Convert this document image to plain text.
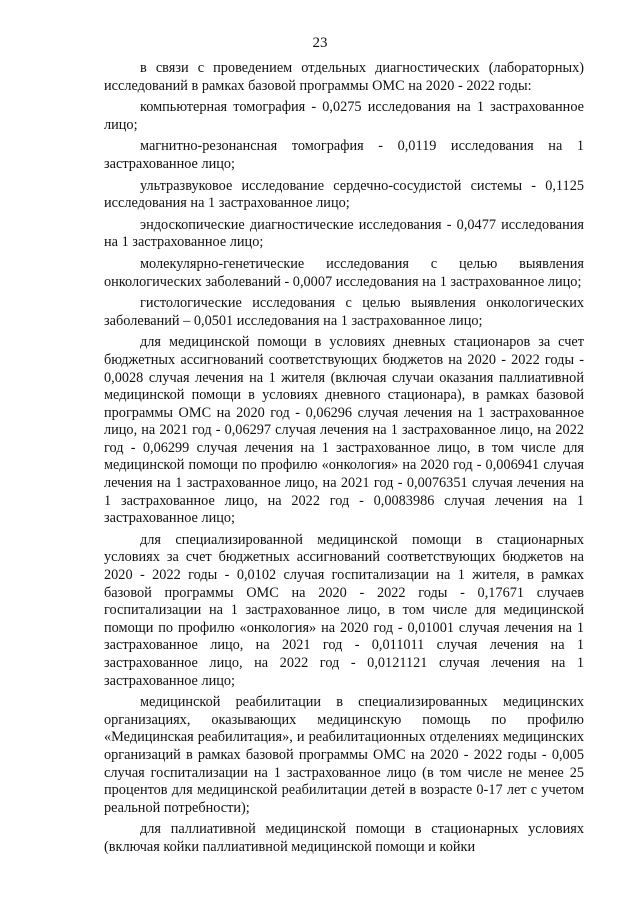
23

в связи с проведением отдельных диагностических (лабораторных) исследований в рамках базовой программы ОМС на 2020 - 2022 годы:

компьютерная томография - 0,0275 исследования на 1 застрахованное лицо;

магнитно-резонансная томография - 0,0119 исследования на 1 застрахованное лицо;

ультразвуковое исследование сердечно-сосудистой системы - 0,1125 исследования на 1 застрахованное лицо;

эндоскопические диагностические исследования - 0,0477 исследования на 1 застрахованное лицо;

молекулярно-генетические исследования с целью выявления онкологических заболеваний - 0,0007 исследования на 1 застрахованное лицо;

гистологические исследования с целью выявления онкологических заболеваний – 0,0501 исследования на 1 застрахованное лицо;

для медицинской помощи в условиях дневных стационаров за счет бюджетных ассигнований соответствующих бюджетов на 2020 - 2022 годы - 0,0028 случая лечения на 1 жителя (включая случаи оказания паллиативной медицинской помощи в условиях дневного стационара), в рамках базовой программы ОМС на 2020 год - 0,06296 случая лечения на 1 застрахованное лицо, на 2021 год - 0,06297 случая лечения на 1 застрахованное лицо, на 2022 год - 0,06299 случая лечения на 1 застрахованное лицо, в том числе для медицинской помощи по профилю «онкология» на 2020 год - 0,006941 случая лечения на 1 застрахованное лицо, на 2021 год - 0,0076351 случая лечения на 1 застрахованное лицо, на 2022 год - 0,0083986 случая лечения на 1 застрахованное лицо;

для специализированной медицинской помощи в стационарных условиях за счет бюджетных ассигнований соответствующих бюджетов на 2020 - 2022 годы - 0,0102 случая госпитализации на 1 жителя, в рамках базовой программы ОМС на 2020 - 2022 годы - 0,17671 случаев госпитализации на 1 застрахованное лицо, в том числе для медицинской помощи по профилю «онкология» на 2020 год - 0,01001 случая лечения на 1 застрахованное лицо, на 2021 год - 0,011011 случая лечения на 1 застрахованное лицо, на 2022 год - 0,0121121 случая лечения на 1 застрахованное лицо;

медицинской реабилитации в специализированных медицинских организациях, оказывающих медицинскую помощь по профилю «Медицинская реабилитация», и реабилитационных отделениях медицинских организаций в рамках базовой программы ОМС на 2020 - 2022 годы - 0,005 случая госпитализации на 1 застрахованное лицо (в том числе не менее 25 процентов для медицинской реабилитации детей в возрасте 0-17 лет с учетом реальной потребности);

для паллиативной медицинской помощи в стационарных условиях (включая койки паллиативной медицинской помощи и койки
